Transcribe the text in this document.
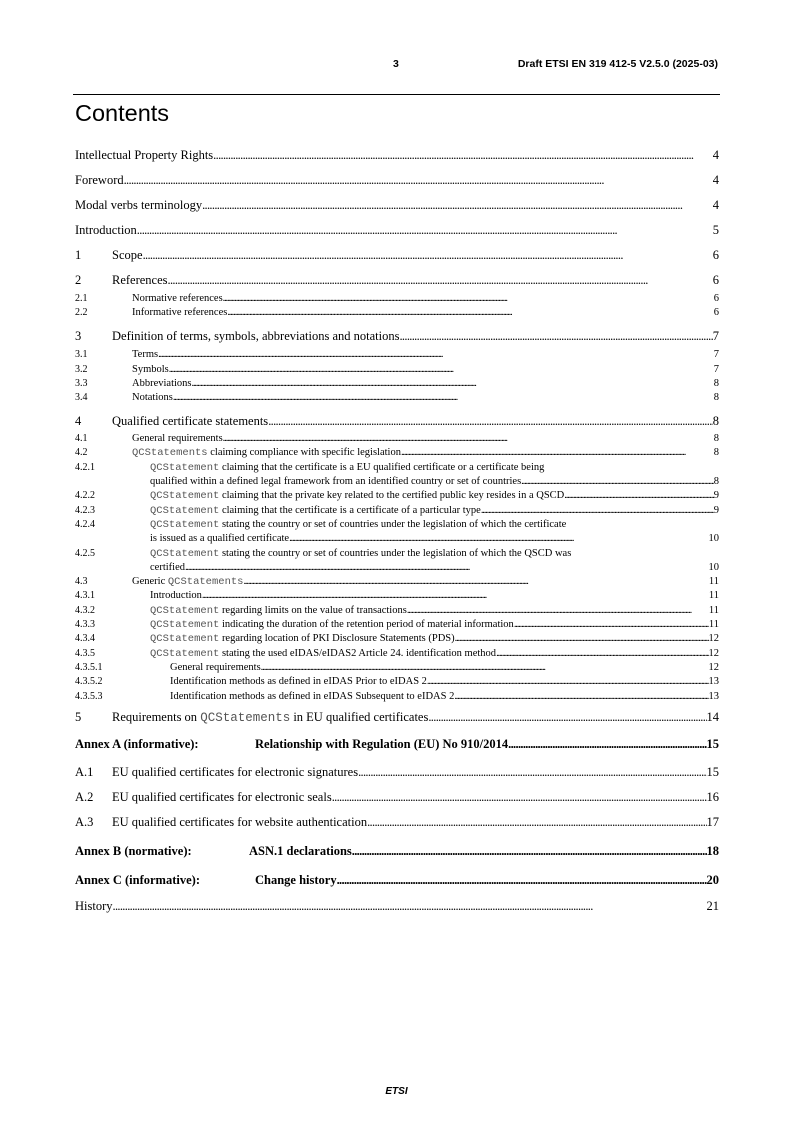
3	Draft ETSI EN 319 412-5 V2.5.0 (2025-03)
Contents
Intellectual Property Rights . . .	4
Foreword . . .	4
Modal verbs terminology . . .	4
Introduction . . .	5
1	Scope . . .	6
2	References . . .	6
2.1	Normative references . . .	6
2.2	Informative references . . .	6
3	Definition of terms, symbols, abbreviations and notations . . .	7
3.1	Terms . . .	7
3.2	Symbols . . .	7
3.3	Abbreviations . . .	8
3.4	Notations . . .	8
4	Qualified certificate statements . . .	8
4.1	General requirements . . .	8
4.2	QCStatements claiming compliance with specific legislation . . .	8
4.2.1	QCStatement claiming that the certificate is a EU qualified certificate or a certificate being
qualified within a defined legal framework from an identified country or set of countries . . .	8
4.2.2	QCStatement claiming that the private key related to the certified public key resides in a QSCD . . .	9
4.2.3	QCStatement claiming that the certificate is a certificate of a particular type . . .	9
4.2.4	QCStatement stating the country or set of countries under the legislation of which the certificate
is issued as a qualified certificate . . .	10
4.2.5	QCStatement stating the country or set of countries under the legislation of which the QSCD was
certified . . .	10
4.3	Generic QCStatements . . .	11
4.3.1	Introduction . . .	11
4.3.2	QCStatement regarding limits on the value of transactions . . .	11
4.3.3	QCStatement indicating the duration of the retention period of material information . . .	11
4.3.4	QCStatement regarding location of PKI Disclosure Statements (PDS) . . .	12
4.3.5	QCStatement stating the used eIDAS/eIDAS2 Article 24. identification method . . .	12
4.3.5.1	General requirements . . .	12
4.3.5.2	Identification methods as defined in eIDAS Prior to eIDAS 2 . . .	13
4.3.5.3	Identification methods as defined in eIDAS Subsequent to eIDAS 2 . . .	13
5	Requirements on QCStatements in EU qualified certificates . . .	14
Annex A (informative):	Relationship with Regulation (EU) No 910/2014 . . .	15
A.1	EU qualified certificates for electronic signatures . . .	15
A.2	EU qualified certificates for electronic seals . . .	16
A.3	EU qualified certificates for website authentication . . .	17
Annex B (normative):	ASN.1 declarations . . .	18
Annex C (informative):	Change history . . .	20
History . . .	21
ETSI
